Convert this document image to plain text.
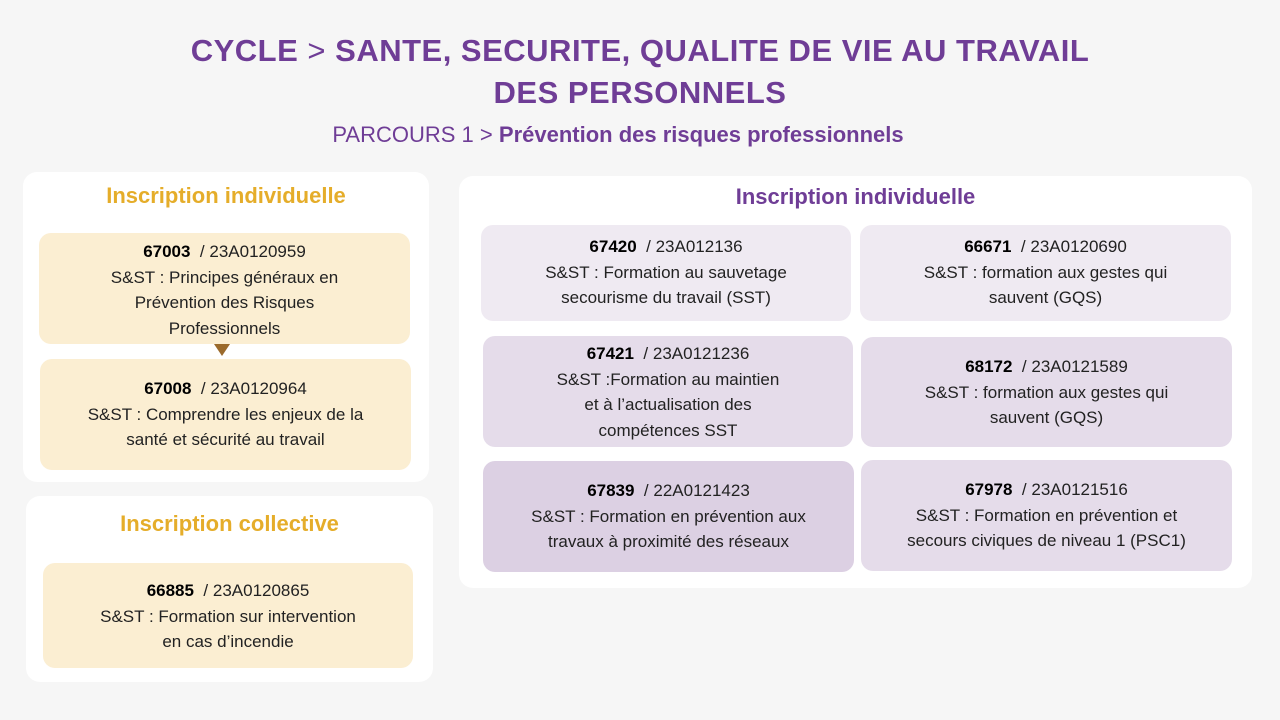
CYCLE > SANTE, SECURITE, QUALITE DE VIE AU TRAVAIL
DES PERSONNELS
PARCOURS 1 > Prévention des risques professionnels
Inscription individuelle
67003 / 23A0120959
S&ST : Principes généraux en
Prévention des Risques
Professionnels
67008 / 23A0120964
S&ST : Comprendre les enjeux de la
santé et sécurité au travail
Inscription collective
66885 / 23A0120865
S&ST : Formation sur intervention
en cas d’incendie
Inscription individuelle
67420 / 23A012136
S&ST : Formation au sauvetage
secourisme du travail (SST)
66671 / 23A0120690
S&ST : formation aux gestes qui
sauvent (GQS)
67421 / 23A0121236
S&ST :Formation au maintien
et à l’actualisation des
compétences SST
68172 / 23A0121589
S&ST : formation aux gestes qui
sauvent (GQS)
67839 / 22A0121423
S&ST : Formation en prévention aux
travaux à proximité des réseaux
67978 / 23A0121516
S&ST : Formation en prévention et
secours civiques de niveau 1 (PSC1)
